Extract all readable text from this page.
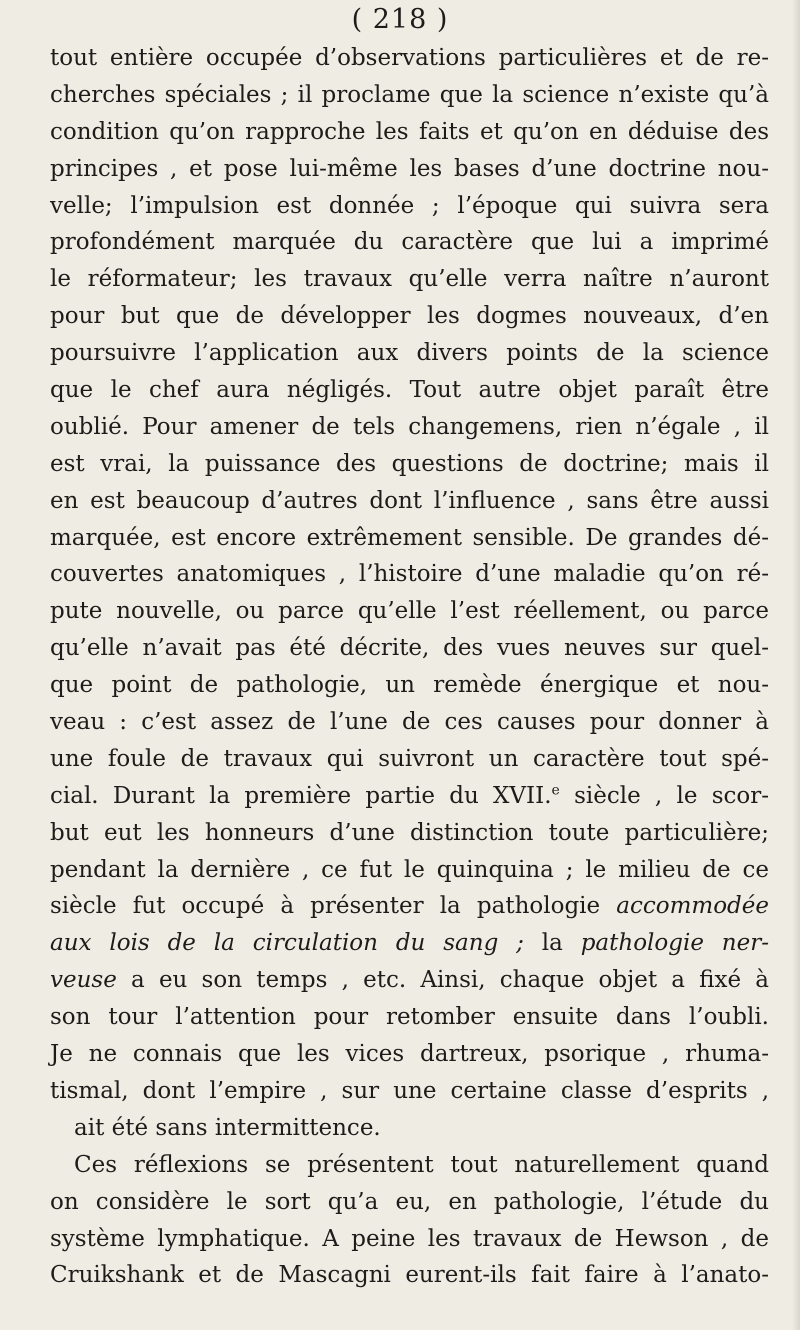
( 218 )
tout entière occupée d’observations particulières et de re-
cherches spéciales ; il proclame que la science n’existe qu’à
condition qu’on rapproche les faits et qu’on en déduise des
principes , et pose lui-même les bases d’une doctrine nou-
velle; l’impulsion est donnée ; l’époque qui suivra sera
profondément marquée du caractère que lui a imprimé
le réformateur; les travaux qu’elle verra naître n’auront
pour but que de développer les dogmes nouveaux, d’en
poursuivre l’application aux divers points de la science
que le chef aura négligés. Tout autre objet paraît être
oublié. Pour amener de tels changemens, rien n’égale , il
est vrai, la puissance des questions de doctrine; mais il
en est beaucoup d’autres dont l’influence , sans être aussi
marquée, est encore extrêmement sensible. De grandes dé-
couvertes anatomiques , l’histoire d’une maladie qu’on ré-
pute nouvelle, ou parce qu’elle l’est réellement, ou parce
qu’elle n’avait pas été décrite, des vues neuves sur quel-
que point de pathologie, un remède énergique et nou-
veau : c’est assez de l’une de ces causes pour donner à
une foule de travaux qui suivront un caractère tout spé-
cial. Durant la première partie du XVII.$^e$ siècle , le scor-
but eut les honneurs d’une distinction toute particulière;
pendant la dernière , ce fut le quinquina ; le milieu de ce
siècle fut occupé à présenter la pathologie accommodée
aux lois de la circulation du sang ; la pathologie ner-
veuse a eu son temps , etc. Ainsi, chaque objet a fixé à
son tour l’attention pour retomber ensuite dans l’oubli.
Je ne connais que les vices dartreux, psorique , rhuma-
tismal, dont l’empire , sur une certaine classe d’esprits ,
ait été sans intermittence.
Ces réflexions se présentent tout naturellement quand
on considère le sort qu’a eu, en pathologie, l’étude du
système lymphatique. A peine les travaux de Hewson , de
Cruikshank et de Mascagni eurent-ils fait faire à l’anato-
